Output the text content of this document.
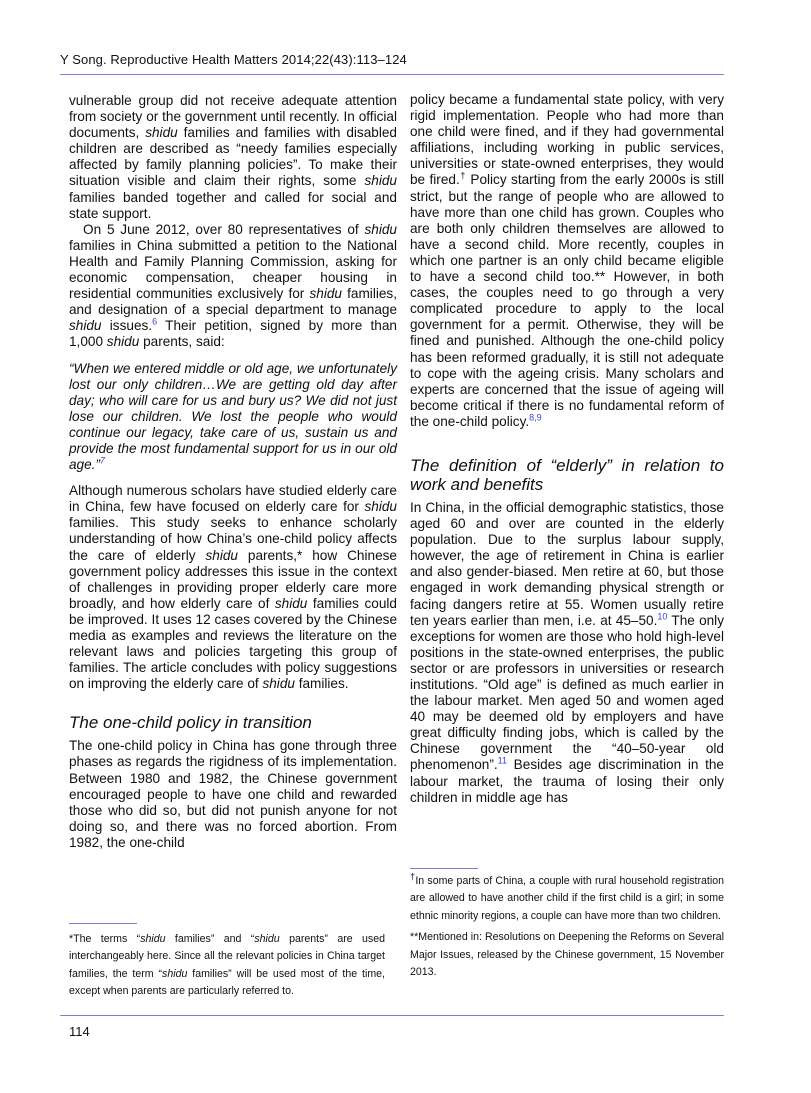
Y Song. Reproductive Health Matters 2014;22(43):113–124

vulnerable group did not receive adequate attention from society or the government until recently. In official documents, shidu families and families with disabled children are described as “needy families especially affected by family planning policies”. To make their situation visible and claim their rights, some shidu families banded together and called for social and state support.

On 5 June 2012, over 80 representatives of shidu families in China submitted a petition to the National Health and Family Planning Commission, asking for economic compensation, cheaper housing in residential communities exclusively for shidu families, and designation of a special department to manage shidu issues.$^6$ Their petition, signed by more than 1,000 shidu parents, said:

“When we entered middle or old age, we unfortunately lost our only children…We are getting old day after day; who will care for us and bury us? We did not just lose our children. We lost the people who would continue our legacy, take care of us, sustain us and provide the most fundamental support for us in our old age.”$^7$

Although numerous scholars have studied elderly care in China, few have focused on elderly care for shidu families. This study seeks to enhance scholarly understanding of how China’s one-child policy affects the care of elderly shidu parents,* how Chinese government policy addresses this issue in the context of challenges in providing proper elderly care more broadly, and how elderly care of shidu families could be improved. It uses 12 cases covered by the Chinese media as examples and reviews the literature on the relevant laws and policies targeting this group of families. The article concludes with policy suggestions on improving the elderly care of shidu families.

The one-child policy in transition

The one-child policy in China has gone through three phases as regards the rigidness of its implementation. Between 1980 and 1982, the Chinese government encouraged people to have one child and rewarded those who did so, but did not punish anyone for not doing so, and there was no forced abortion. From 1982, the one-child

policy became a fundamental state policy, with very rigid implementation. People who had more than one child were fined, and if they had governmental affiliations, including working in public services, universities or state-owned enterprises, they would be fired.† Policy starting from the early 2000s is still strict, but the range of people who are allowed to have more than one child has grown. Couples who are both only children themselves are allowed to have a second child. More recently, couples in which one partner is an only child became eligible to have a second child too.** However, in both cases, the couples need to go through a very complicated procedure to apply to the local government for a permit. Otherwise, they will be fined and punished. Although the one-child policy has been reformed gradually, it is still not adequate to cope with the ageing crisis. Many scholars and experts are concerned that the issue of ageing will become critical if there is no fundamental reform of the one-child policy.$^{8,9}$

The definition of “elderly” in relation to work and benefits

In China, in the official demographic statistics, those aged 60 and over are counted in the elderly population. Due to the surplus labour supply, however, the age of retirement in China is earlier and also gender-biased. Men retire at 60, but those engaged in work demanding physical strength or facing dangers retire at 55. Women usually retire ten years earlier than men, i.e. at 45–50.10 The only exceptions for women are those who hold high-level positions in the state-owned enterprises, the public sector or are professors in universities or research institutions. “Old age” is defined as much earlier in the labour market. Men aged 50 and women aged 40 may be deemed old by employers and have great difficulty finding jobs, which is called by the Chinese government the “40–50-year old phenomenon”.$^{11}$ Besides age discrimination in the labour market, the trauma of losing their only children in middle age has

*The terms “shidu families” and “shidu parents” are used interchangeably here. Since all the relevant policies in China target families, the term “shidu families” will be used most of the time, except when parents are particularly referred to.

†In some parts of China, a couple with rural household registration are allowed to have another child if the first child is a girl; in some ethnic minority regions, a couple can have more than two children.

**Mentioned in: Resolutions on Deepening the Reforms on Several Major Issues, released by the Chinese government, 15 November 2013.

114
